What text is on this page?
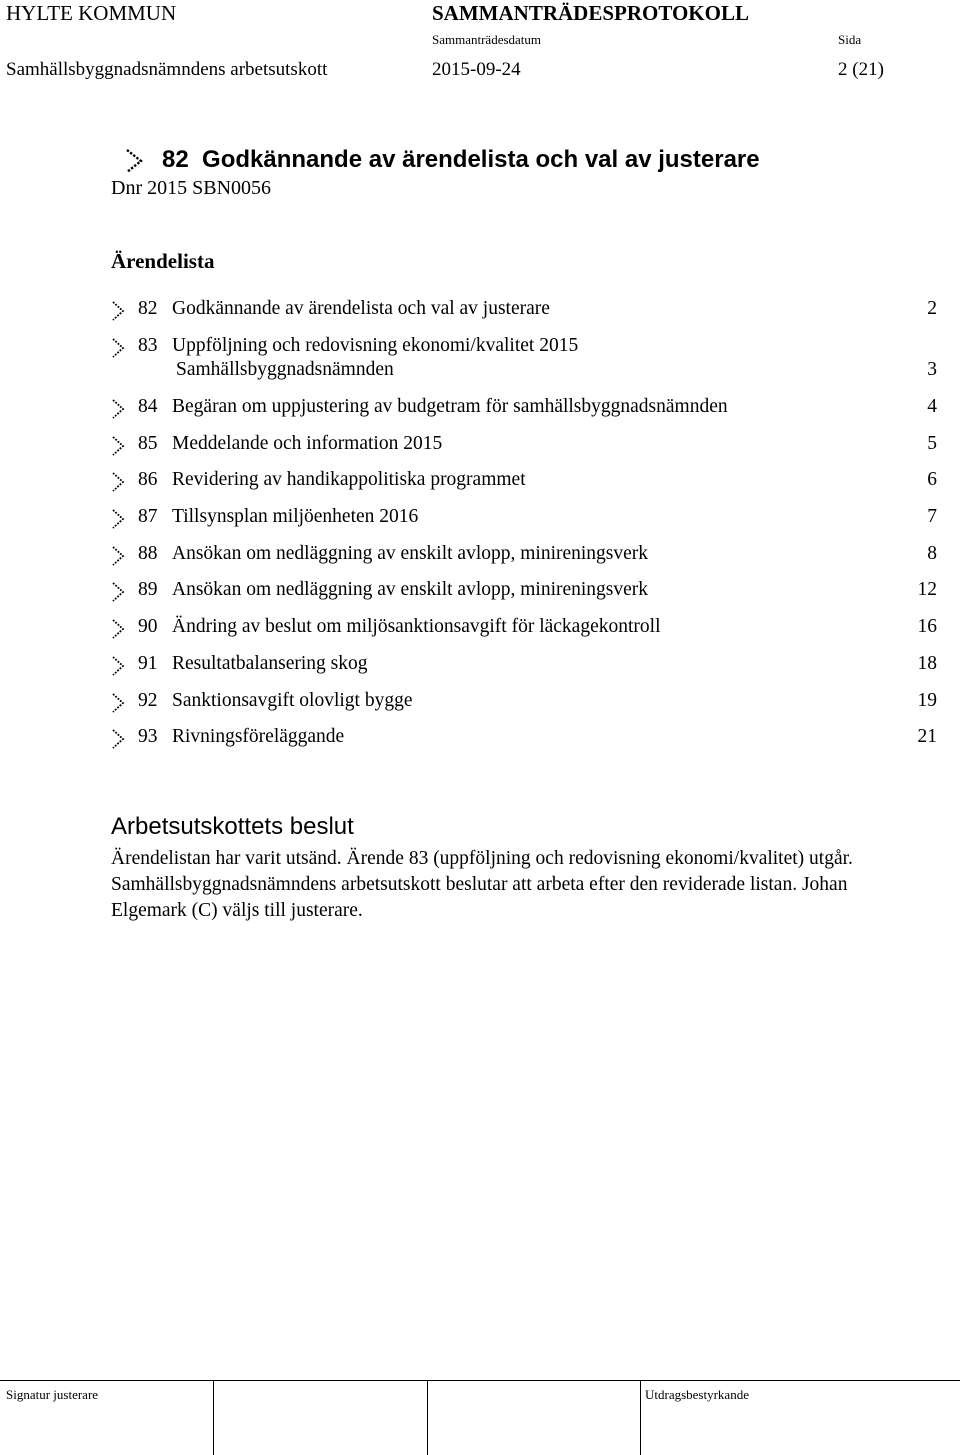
HYLTE KOMMUN	SAMMANTRÄDESPROTOKOLL
Sammanträdesdatum	Sida
Samhällsbyggnadsnämndens arbetsutskott	2015-09-24	2 (21)
82 Godkännande av ärendelista och val av justerare
Dnr 2015 SBN0056
Ärendelista
82 Godkännande av ärendelista och val av justerare	2
83 Uppföljning och redovisning ekonomi/kvalitet 2015
Samhällsbyggnadsnämnden	3
84 Begäran om uppjustering av budgetram för samhällsbyggnadsnämnden	4
85 Meddelande och information 2015	5
86 Revidering av handikappolitiska programmet	6
87 Tillsynsplan miljöenheten 2016	7
88 Ansökan om nedläggning av enskilt avlopp, minireningsverk	8
89 Ansökan om nedläggning av enskilt avlopp, minireningsverk	12
90 Ändring av beslut om miljösanktionsavgift för läckagekontroll	16
91 Resultatbalansering skog	18
92 Sanktionsavgift olovligt bygge	19
93 Rivningsföreläggande	21
Arbetsutskottets beslut
Ärendelistan har varit utsänd. Ärende 83 (uppföljning och redovisning ekonomi/kvalitet) utgår. Samhällsbyggnadsnämndens arbetsutskott beslutar att arbeta efter den reviderade listan. Johan Elgemark (C) väljs till justerare.
Signatur justerare	Utdragsbestyrkande
